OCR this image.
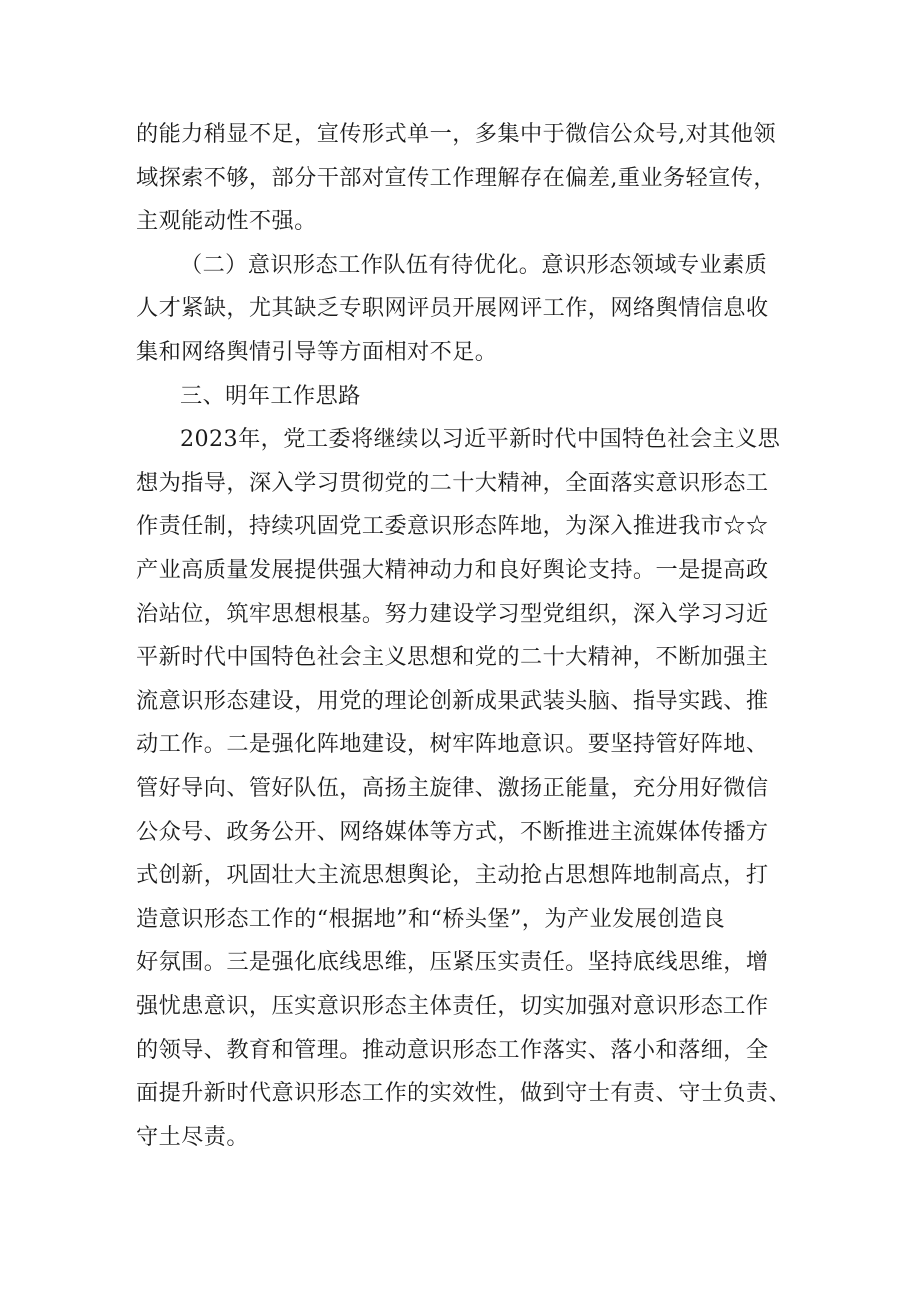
的能力稍显不足，宣传形式单一，多集中于微信公众号,对其他领

域探索不够，部分干部对宣传工作理解存在偏差,重业务轻宣传，

主观能动性不强。

（二）意识形态工作队伍有待优化。意识形态领域专业素质

人才紧缺，尤其缺乏专职网评员开展网评工作，网络舆情信息收

集和网络舆情引导等方面相对不足。

三、明年工作思路

2023年，党工委将继续以习近平新时代中国特色社会主义思

想为指导，深入学习贯彻党的二十大精神，全面落实意识形态工

作责任制，持续巩固党工委意识形态阵地，为深入推进我市☆☆

产业高质量发展提供强大精神动力和良好舆论支持。一是提高政

治站位，筑牢思想根基。努力建设学习型党组织，深入学习习近

平新时代中国特色社会主义思想和党的二十大精神，不断加强主

流意识形态建设，用党的理论创新成果武装头脑、指导实践、推

动工作。二是强化阵地建设，树牢阵地意识。要坚持管好阵地、

管好导向、管好队伍，高扬主旋律、激扬正能量，充分用好微信

公众号、政务公开、网络媒体等方式，不断推进主流媒体传播方

式创新，巩固壮大主流思想舆论，主动抢占思想阵地制高点，打

造意识形态工作的“根据地”和“桥头堡”，为产业发展创造良

好氛围。三是强化底线思维，压紧压实责任。坚持底线思维，增

强忧患意识，压实意识形态主体责任，切实加强对意识形态工作

的领导、教育和管理。推动意识形态工作落实、落小和落细，全

面提升新时代意识形态工作的实效性，做到守士有责、守士负责、

守土尽责。
